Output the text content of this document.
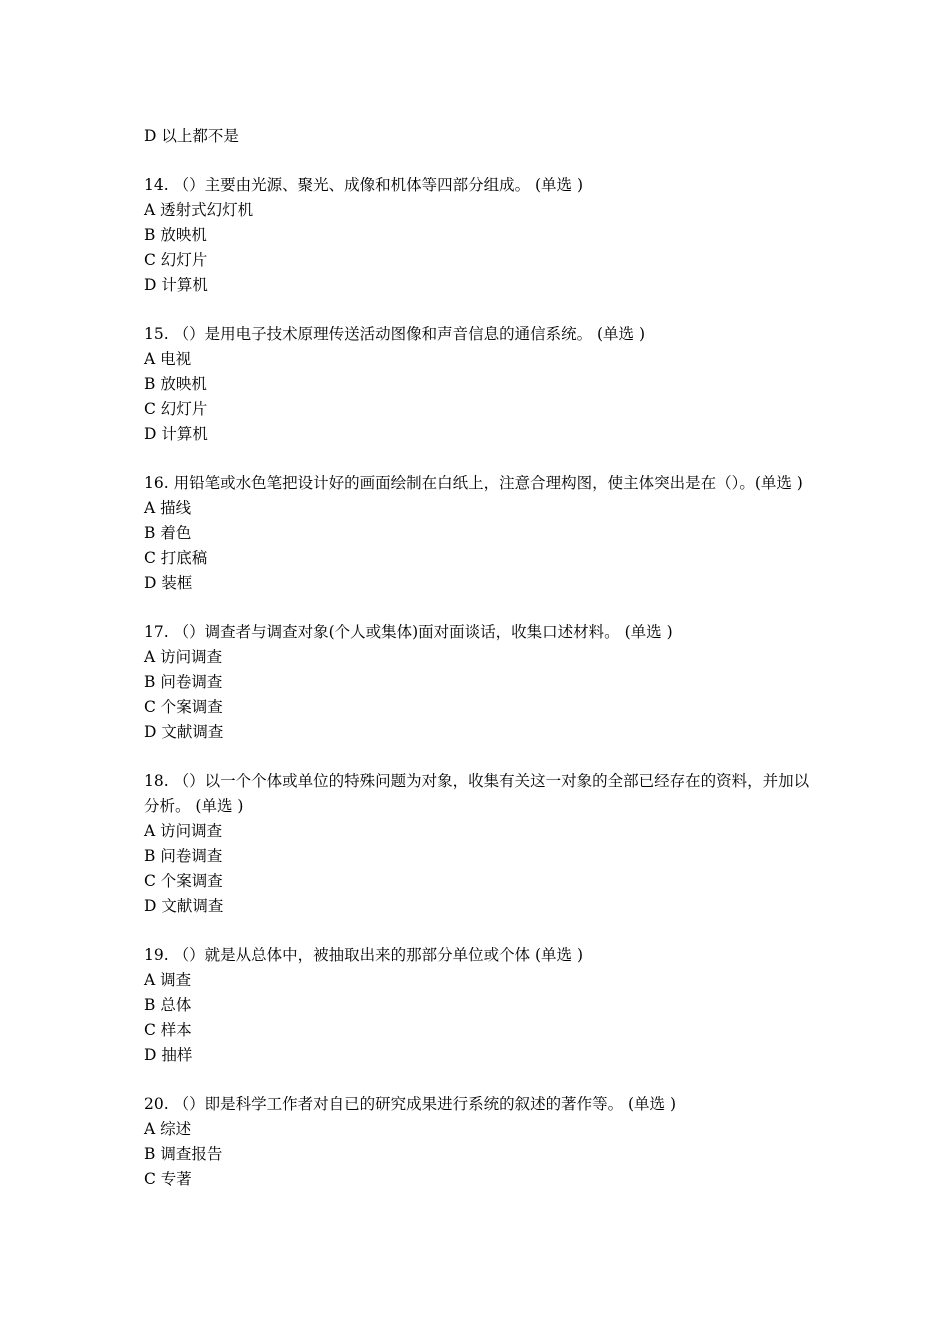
D 以上都不是

14. （）主要由光源、聚光、成像和机体等四部分组成。 (单选 )

A 透射式幻灯机

B 放映机

C 幻灯片

D 计算机

15. （）是用电子技术原理传送活动图像和声音信息的通信系统。 (单选 )

A 电视

B 放映机

C 幻灯片

D 计算机

16. 用铅笔或水色笔把设计好的画面绘制在白纸上，注意合理构图，使主体突出是在（）。(单选 )

A 描线

B 着色

C 打底稿

D 装框

17. （）调查者与调查对象(个人或集体)面对面谈话，收集口述材料。 (单选 )

A 访问调查

B 问卷调查

C 个案调查

D 文献调查

18. （）以一个个体或单位的特殊问题为对象，收集有关这一对象的全部已经存在的资料，并加以分析。 (单选 )

A 访问调查

B 问卷调查

C 个案调查

D 文献调查

19. （）就是从总体中，被抽取出来的那部分单位或个体 (单选 )

A 调查

B 总体

C 样本

D 抽样

20. （）即是科学工作者对自已的研究成果进行系统的叙述的著作等。 (单选 )

A 综述

B 调查报告

C 专著
